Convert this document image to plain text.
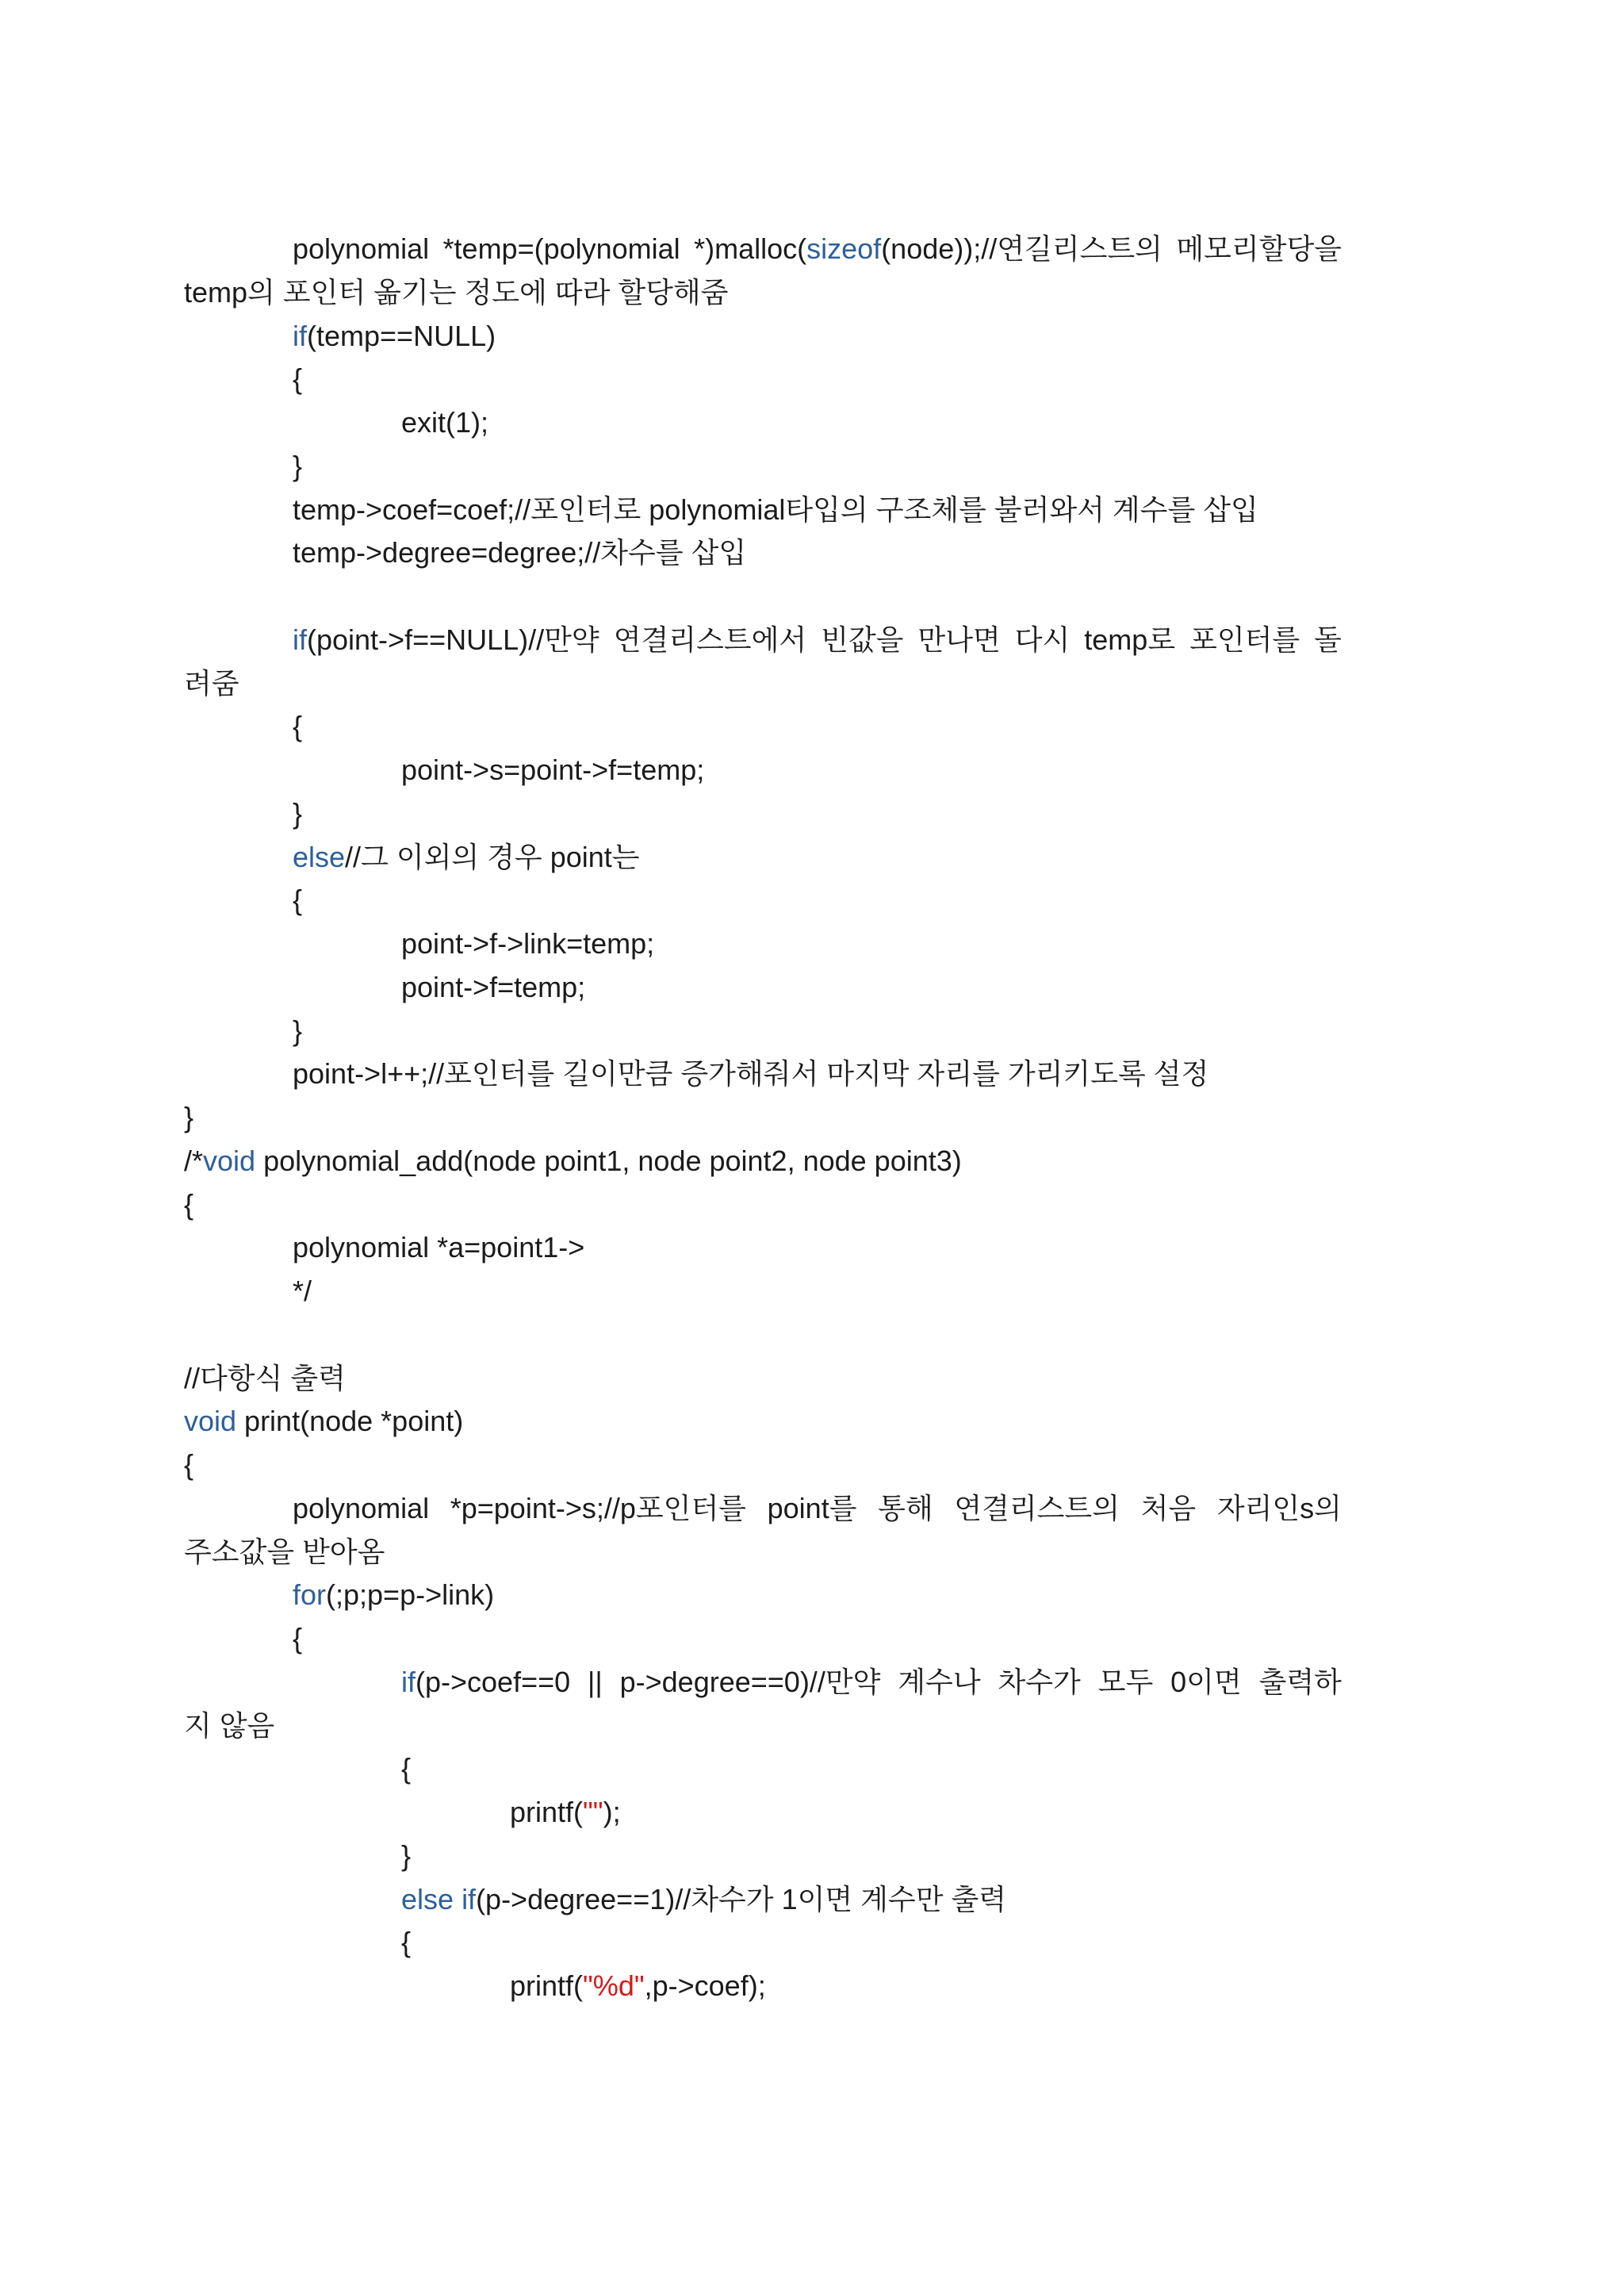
polynomial *temp=(polynomial *)malloc(sizeof(node));//연길리스트의 메모리할당을
temp의 포인터 옮기는 정도에 따라 할당해줌
if(temp==NULL)
{
exit(1);
}
temp->coef=coef;//포인터로 polynomial타입의 구조체를 불러와서 계수를 삽입
temp->degree=degree;//차수를 삽입
if(point->f==NULL)//만약 연결리스트에서 빈값을 만나면 다시 temp로 포인터를 돌
려줌
{
point->s=point->f=temp;
}
else//그 이외의 경우 point는
{
point->f->link=temp;
point->f=temp;
}
point->l++;//포인터를 길이만큼 증가해줘서 마지막 자리를 가리키도록 설정
}
/*void polynomial_add(node point1, node point2, node point3)
{
polynomial *a=point1->
*/
//다항식 출력
void print(node *point)
{
polynomial *p=point->s;//p포인터를 point를 통해 연결리스트의 처음 자리인s의
주소값을 받아옴
for(;p;p=p->link)
{
if(p->coef==0 || p->degree==0)//만약 계수나 차수가 모두 0이면 출력하
지 않음
{
printf("");
}
else if(p->degree==1)//차수가 1이면 계수만 출력
{
printf("%d",p->coef);
